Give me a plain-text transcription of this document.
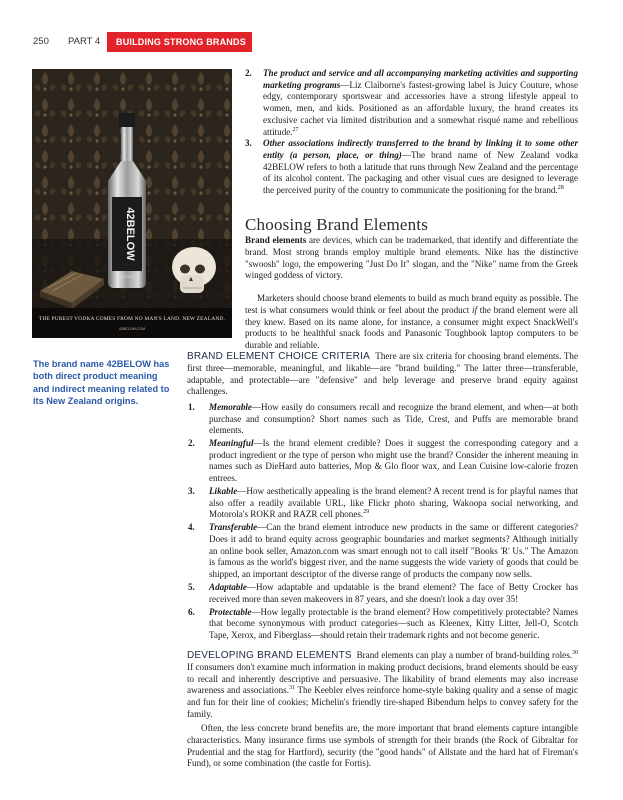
250 PART 4	BUILDING STRONG BRANDS
42BELOW
VODKA
THE PUREST VODKA COMES FROM NO MAN'S LAND. NEW ZEALAND.
42BELOW.COM
The brand name 42BELOW has both direct product meaning and indirect meaning related to its New Zealand origins.

2. The product and service and all accompanying marketing activities and supporting marketing programs—Liz Claiborne's fastest-growing label is Juicy Couture, whose edgy, contemporary sportswear and accessories have a strong lifestyle appeal to women, men, and kids. Positioned as an affordable luxury, the brand creates its exclusive cachet via limited distribution and a somewhat risqué name and rebellious attitude.$^{27}$

3. Other associations indirectly transferred to the brand by linking it to some other entity (a person, place, or thing)—The brand name of New Zealand vodka 42BELOW refers to both a latitude that runs through New Zealand and the percentage of its alcohol content. The packaging and other visual cues are designed to leverage the perceived purity of the country to communicate the positioning for the brand.$^{28}$

Choosing Brand Elements

Brand elements are devices, which can be trademarked, that identify and differentiate the brand. Most strong brands employ multiple brand elements. Nike has the distinctive "swoosh" logo, the empowering "Just Do It" slogan, and the "Nike" name from the Greek winged goddess of victory.

Marketers should choose brand elements to build as much brand equity as possible. The test is what consumers would think or feel about the product if the brand element were all they knew. Based on its name alone, for instance, a consumer might expect SnackWell's products to be healthful snack foods and Panasonic Toughbook laptop computers to be durable and reliable.

BRAND ELEMENT CHOICE CRITERIA There are six criteria for choosing brand elements. The first three—memorable, meaningful, and likable—are "brand building." The latter three—transferable, adaptable, and protectable—are "defensive" and help leverage and preserve brand equity against challenges.

1. Memorable—How easily do consumers recall and recognize the brand element, and when—at both purchase and consumption? Short names such as Tide, Crest, and Puffs are memorable brand elements.
2. Meaningful—Is the brand element credible? Does it suggest the corresponding category and a product ingredient or the type of person who might use the brand? Consider the inherent meaning in names such as DieHard auto batteries, Mop & Glo floor wax, and Lean Cuisine low-calorie frozen entrees.
3. Likable—How aesthetically appealing is the brand element? A recent trend is for playful names that also offer a readily available URL, like Flickr photo sharing, Wakoopa social networking, and Motorola's ROKR and RAZR cell phones.$^{29}$
4. Transferable—Can the brand element introduce new products in the same or different categories? Does it add to brand equity across geographic boundaries and market segments? Although initially an online book seller, Amazon.com was smart enough not to call itself "Books 'R' Us." The Amazon is famous as the world's biggest river, and the name suggests the wide variety of goods that could be shipped, an important descriptor of the diverse range of products the company now sells.
5. Adaptable—How adaptable and updatable is the brand element? The face of Betty Crocker has received more than seven makeovers in 87 years, and she doesn't look a day over 35!
6. Protectable—How legally protectable is the brand element? How competitively protectable? Names that become synonymous with product categories—such as Kleenex, Kitty Litter, Jell-O, Scotch Tape, Xerox, and Fiberglass—should retain their trademark rights and not become generic.

DEVELOPING BRAND ELEMENTS Brand elements can play a number of brand-building roles.$^{30}$ If consumers don't examine much information in making product decisions, brand elements should be easy to recall and inherently descriptive and persuasive. The likability of brand elements may also increase awareness and associations.$^{31}$ The Keebler elves reinforce home-style baking quality and a sense of magic and fun for their line of cookies; Michelin's friendly tire-shaped Bibendum helps to convey safety for the family.

Often, the less concrete brand benefits are, the more important that brand elements capture intangible characteristics. Many insurance firms use symbols of strength for their brands (the Rock of Gibraltar for Prudential and the stag for Hartford), security (the "good hands" of Allstate and the hard hat of Fireman's Fund), or some combination (the castle for Fortis).
